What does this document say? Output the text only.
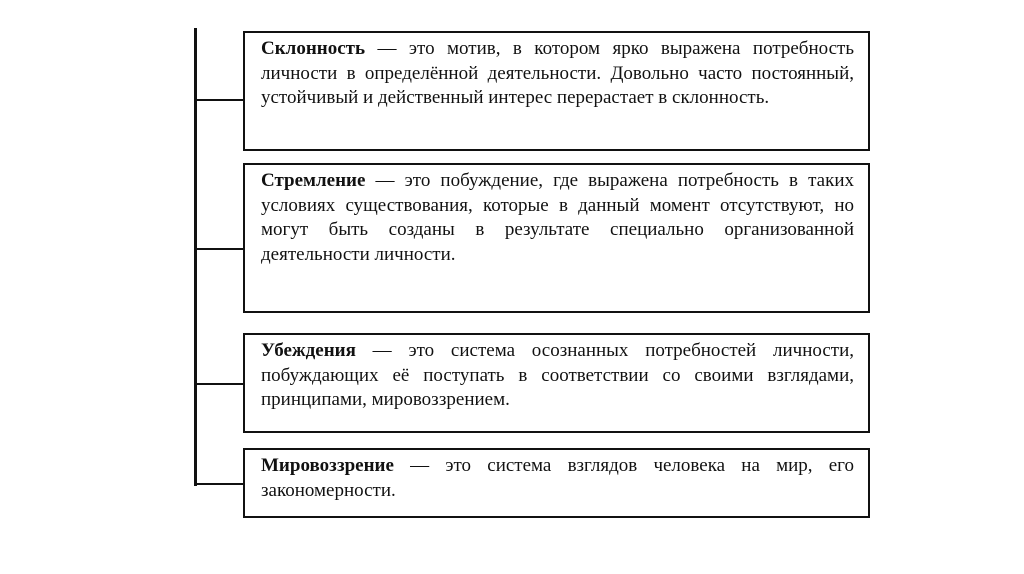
Склонность — это мотив, в котором ярко выражена потребность личности в определённой деятельности. Довольно часто постоянный, устойчивый и действенный интерес перерастает в склонность.
Стремление — это побуждение, где выражена потребность в таких условиях существования, которые в данный момент отсутствуют, но могут быть созданы в результате специально организованной деятельности личности.
Убеждения — это система осознанных потребностей личности, побуждающих её поступать в соответствии со своими взглядами, принципами, мировоззрением.
Мировоззрение — это система взглядов человека на мир, его закономерности.
